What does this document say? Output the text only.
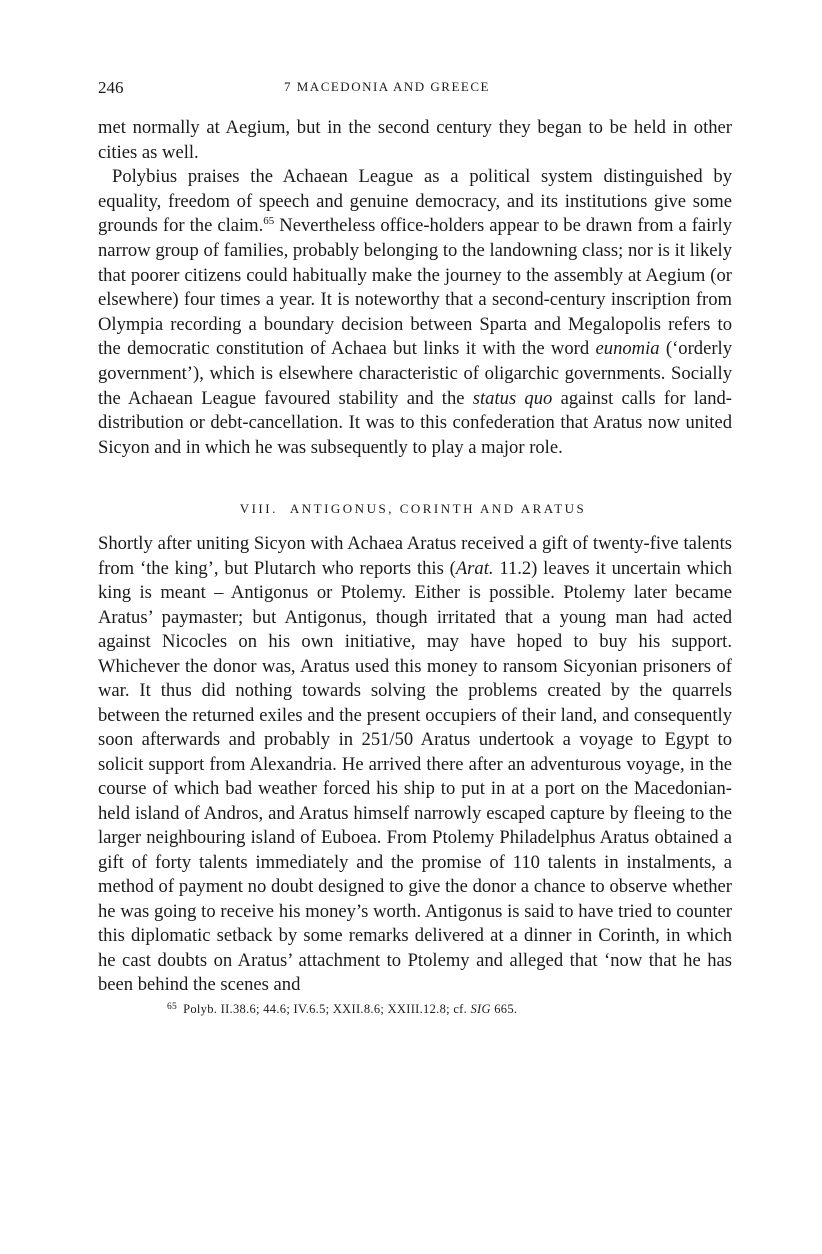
246	7 MACEDONIA AND GREECE

met normally at Aegium, but in the second century they began to be held in other cities as well.

Polybius praises the Achaean League as a political system distinguished by equality, freedom of speech and genuine democracy, and its institutions give some grounds for the claim.$^{65}$ Nevertheless office-holders appear to be drawn from a fairly narrow group of families, probably belonging to the landowning class; nor is it likely that poorer citizens could habitually make the journey to the assembly at Aegium (or elsewhere) four times a year. It is noteworthy that a second-century inscription from Olympia recording a boundary decision between Sparta and Megalopolis refers to the democratic constitution of Achaea but links it with the word eunomia (‘orderly government’), which is elsewhere characteristic of oligarchic governments. Socially the Achaean League favoured stability and the status quo against calls for land-distribution or debt-cancellation. It was to this confederation that Aratus now united Sicyon and in which he was subsequently to play a major role.

VIII. ANTIGONUS, CORINTH AND ARATUS

Shortly after uniting Sicyon with Achaea Aratus received a gift of twenty-five talents from ‘the king’, but Plutarch who reports this (Arat. 11.2) leaves it uncertain which king is meant – Antigonus or Ptolemy. Either is possible. Ptolemy later became Aratus’ paymaster; but Antigonus, though irritated that a young man had acted against Nicocles on his own initiative, may have hoped to buy his support. Whichever the donor was, Aratus used this money to ransom Sicyonian prisoners of war. It thus did nothing towards solving the problems created by the quarrels between the returned exiles and the present occupiers of their land, and consequently soon afterwards and probably in 251/50 Aratus undertook a voyage to Egypt to solicit support from Alexandria. He arrived there after an adventurous voyage, in the course of which bad weather forced his ship to put in at a port on the Macedonian-held island of Andros, and Aratus himself narrowly escaped capture by fleeing to the larger neighbouring island of Euboea. From Ptolemy Philadelphus Aratus obtained a gift of forty talents immediately and the promise of 110 talents in instalments, a method of payment no doubt designed to give the donor a chance to observe whether he was going to receive his money’s worth. Antigonus is said to have tried to counter this diplomatic setback by some remarks delivered at a dinner in Corinth, in which he cast doubts on Aratus’ attachment to Ptolemy and alleged that ‘now that he has been behind the scenes and

$^{65}$ Polyb. II.38.6; 44.6; IV.6.5; XXII.8.6; XXIII.12.8; cf. SIG 665.
